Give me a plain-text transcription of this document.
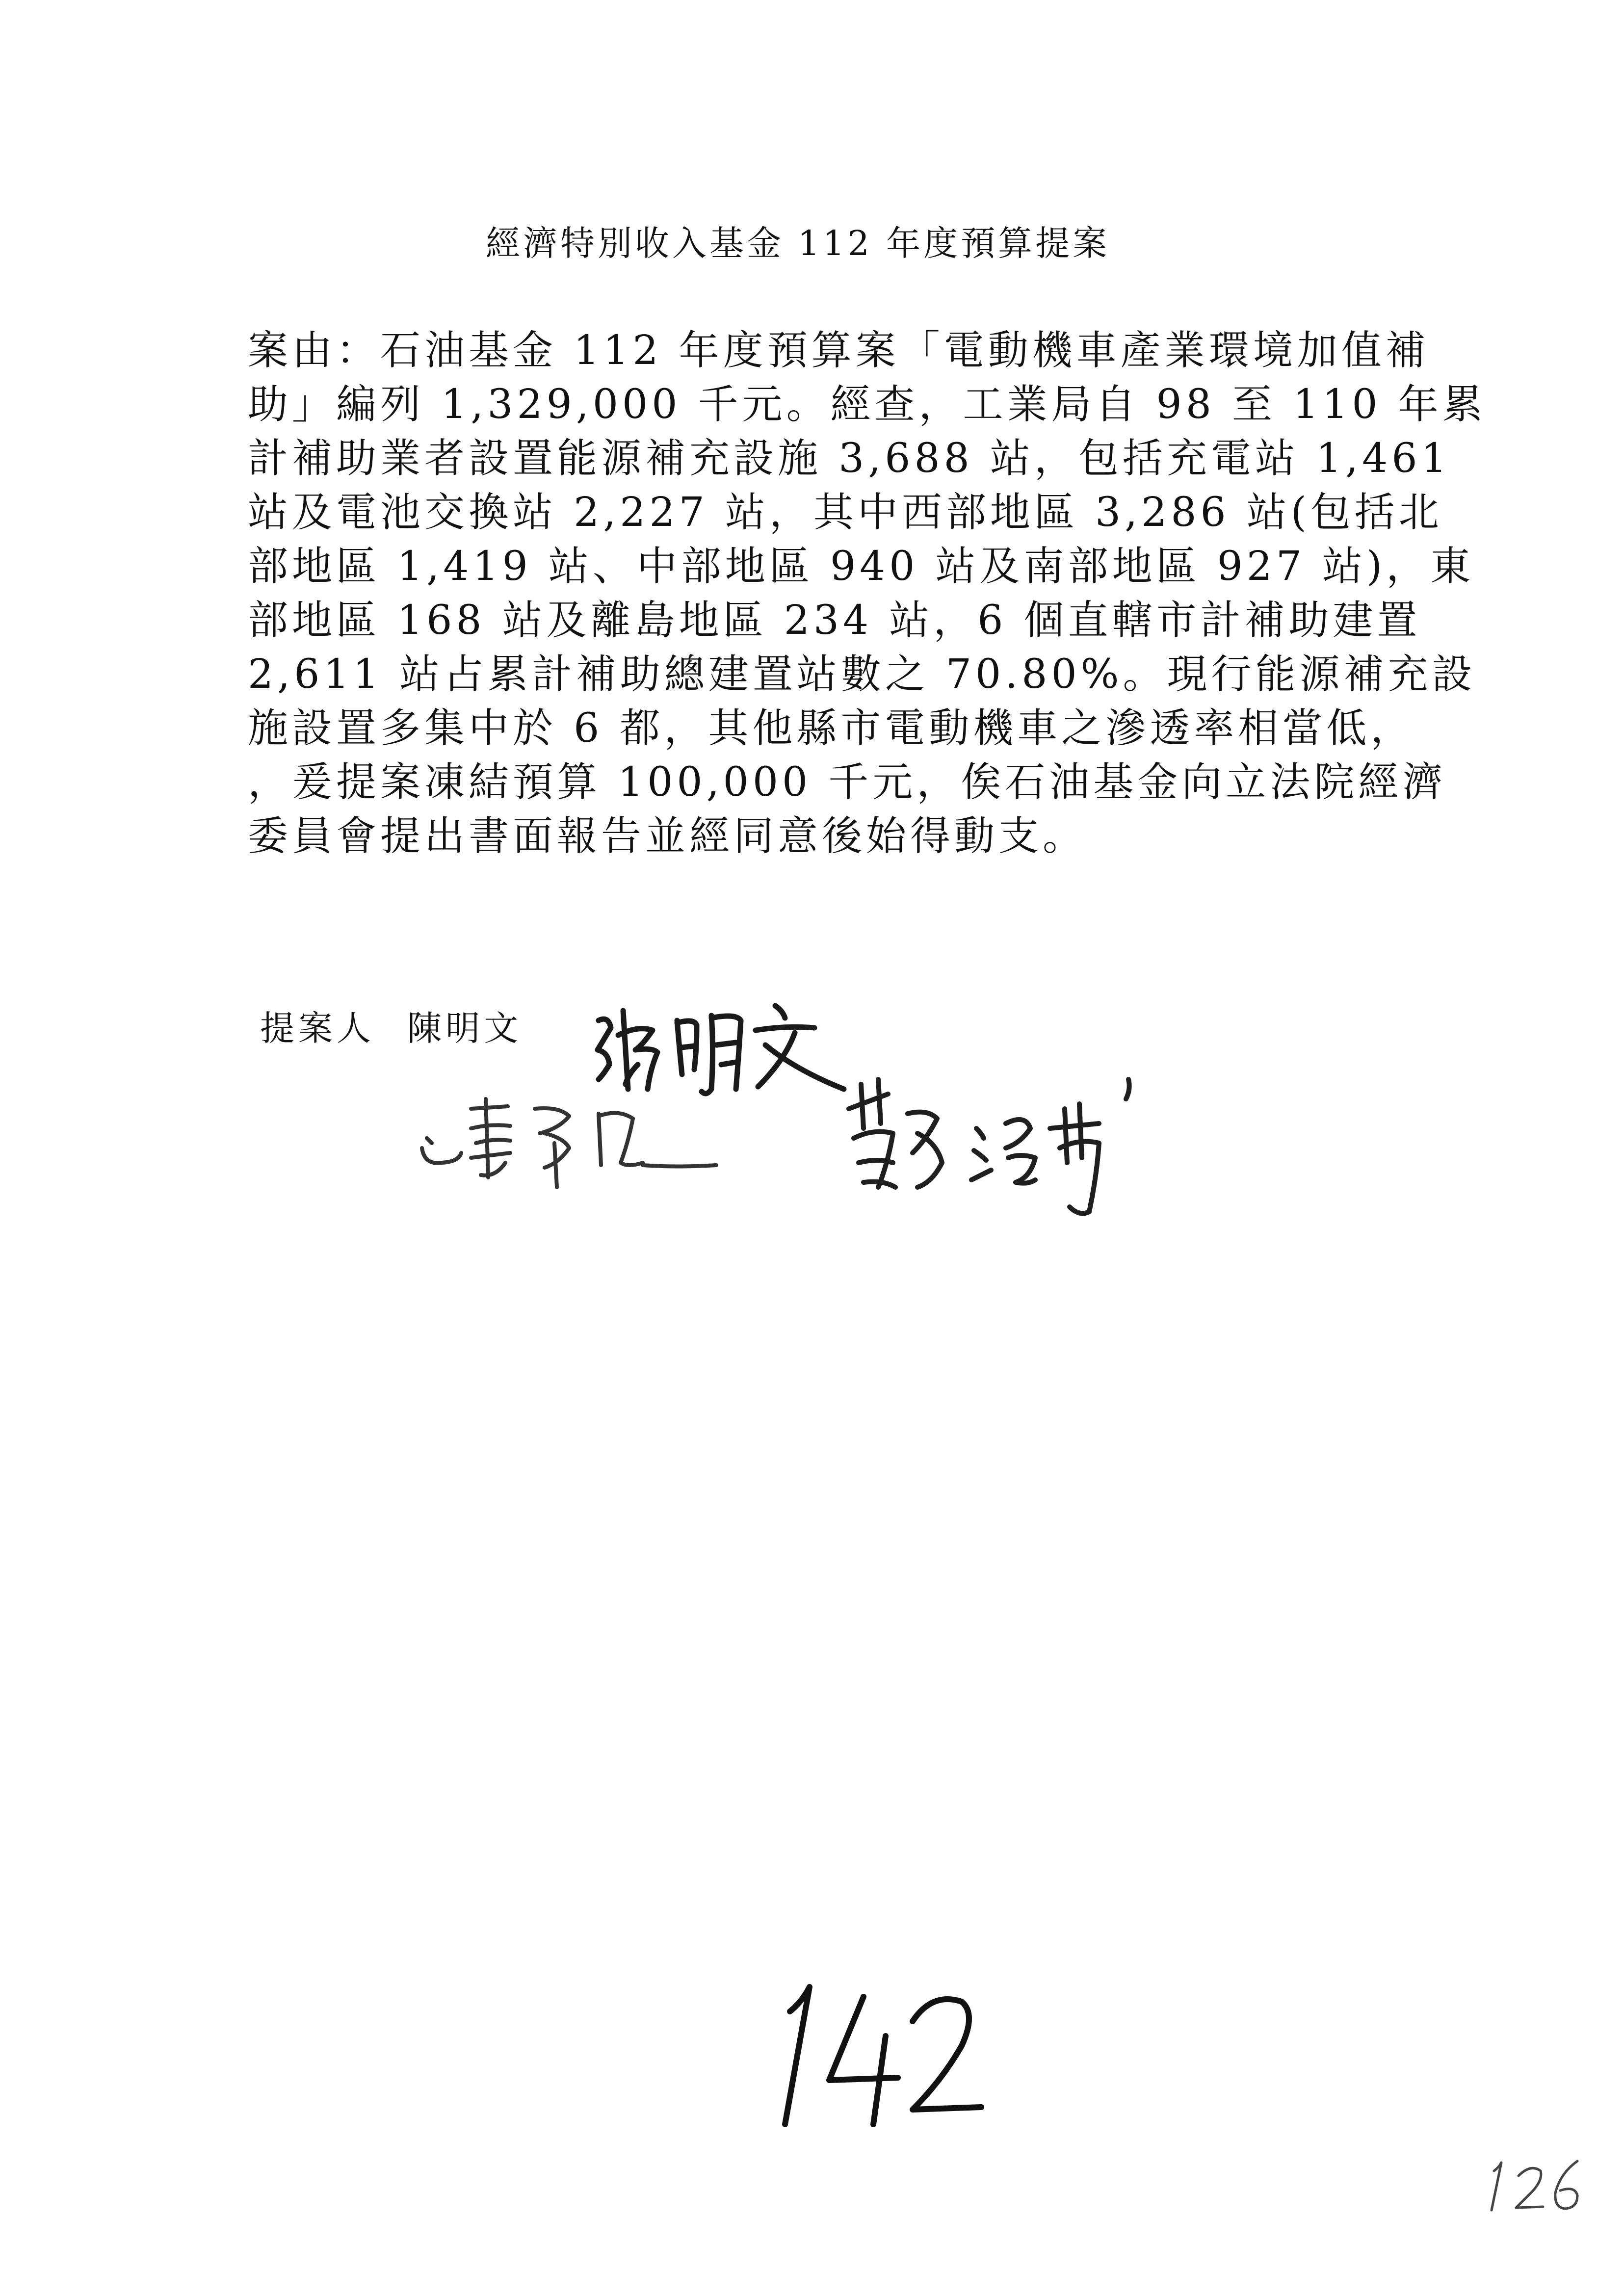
經濟特別收入基金 112 年度預算提案
案由：石油基金 112 年度預算案「電動機車產業環境加值補
助」編列 1,329,000 千元。經查，工業局自 98 至 110 年累
計補助業者設置能源補充設施 3,688 站，包括充電站 1,461
站及電池交換站 2,227 站，其中西部地區 3,286 站(包括北
部地區 1,419 站、中部地區 940 站及南部地區 927 站)，東
部地區 168 站及離島地區 234 站，6 個直轄市計補助建置
2,611 站占累計補助總建置站數之 70.80%。現行能源補充設
施設置多集中於 6 都，其他縣市電動機車之滲透率相當低，
，爰提案凍結預算 100,000 千元，俟石油基金向立法院經濟
委員會提出書面報告並經同意後始得動支。
提案人 陳明文
